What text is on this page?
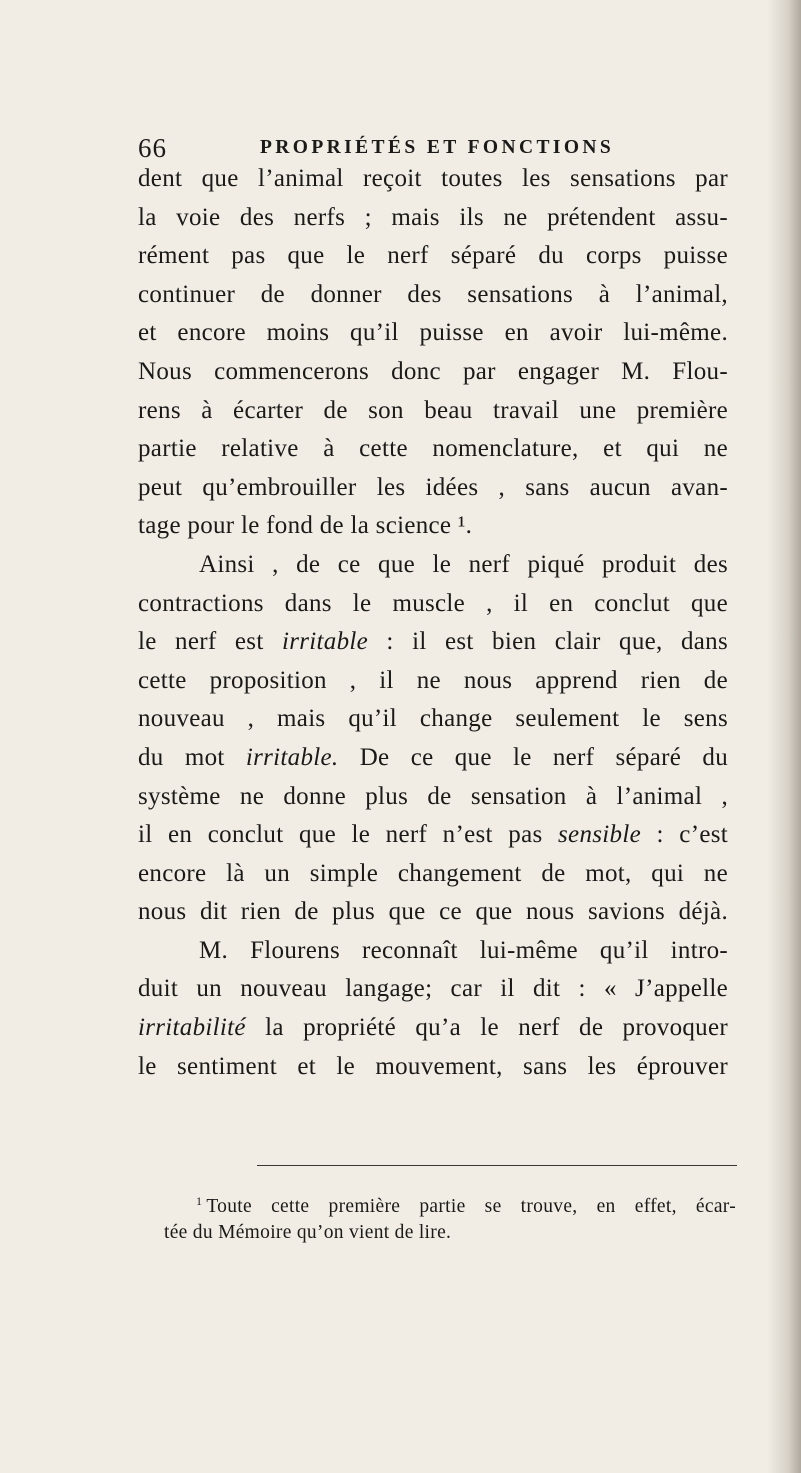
66	PROPRIÉTÉS ET FONCTIONS
dent que l’animal reçoit toutes les sensations par
la voie des nerfs ; mais ils ne prétendent assu-
rément pas que le nerf séparé du corps puisse
continuer de donner des sensations à l’animal,
et encore moins qu’il puisse en avoir lui-même.
Nous commencerons donc par engager M. Flou-
rens à écarter de son beau travail une première
partie relative à cette nomenclature, et qui ne
peut qu’embrouiller les idées , sans aucun avan-
tage pour le fond de la science ¹.
Ainsi , de ce que le nerf piqué produit des
contractions dans le muscle , il en conclut que
le nerf est irritable : il est bien clair que, dans
cette proposition , il ne nous apprend rien de
nouveau , mais qu’il change seulement le sens
du mot irritable. De ce que le nerf séparé du
système ne donne plus de sensation à l’animal ,
il en conclut que le nerf n’est pas sensible : c’est
encore là un simple changement de mot, qui ne
nous dit rien de plus que ce que nous savions déjà.
M. Flourens reconnaît lui-même qu’il intro-
duit un nouveau langage; car il dit : « J’appelle
irritabilité la propriété qu’a le nerf de provoquer
le sentiment et le mouvement, sans les éprouver
$^1$ Toute cette première partie se trouve, en effet, écar-
tée du Mémoire qu’on vient de lire.
